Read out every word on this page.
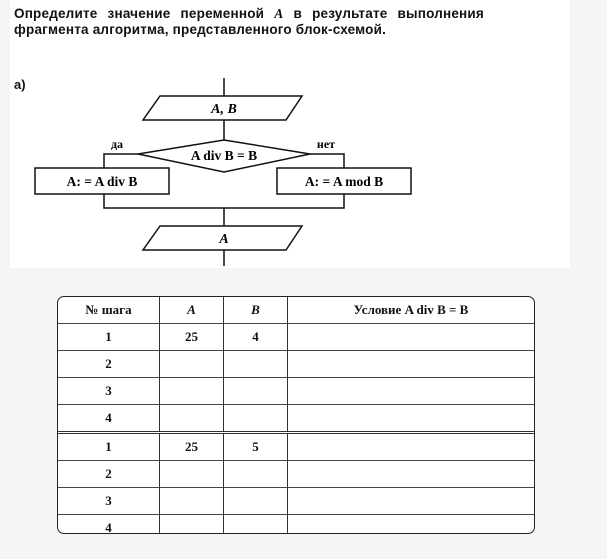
Определите значение переменной A в результате выполнения фрагмента алгоритма, представленного блок-схемой.

а)
A, B
A div B = B
да	нет
A: = A div B	A: = A mod B
A
№ шага	A	B	Условие A div B = B
1	25	4	
2			
3			
4			
1	25	5	
2			
3			
4			
